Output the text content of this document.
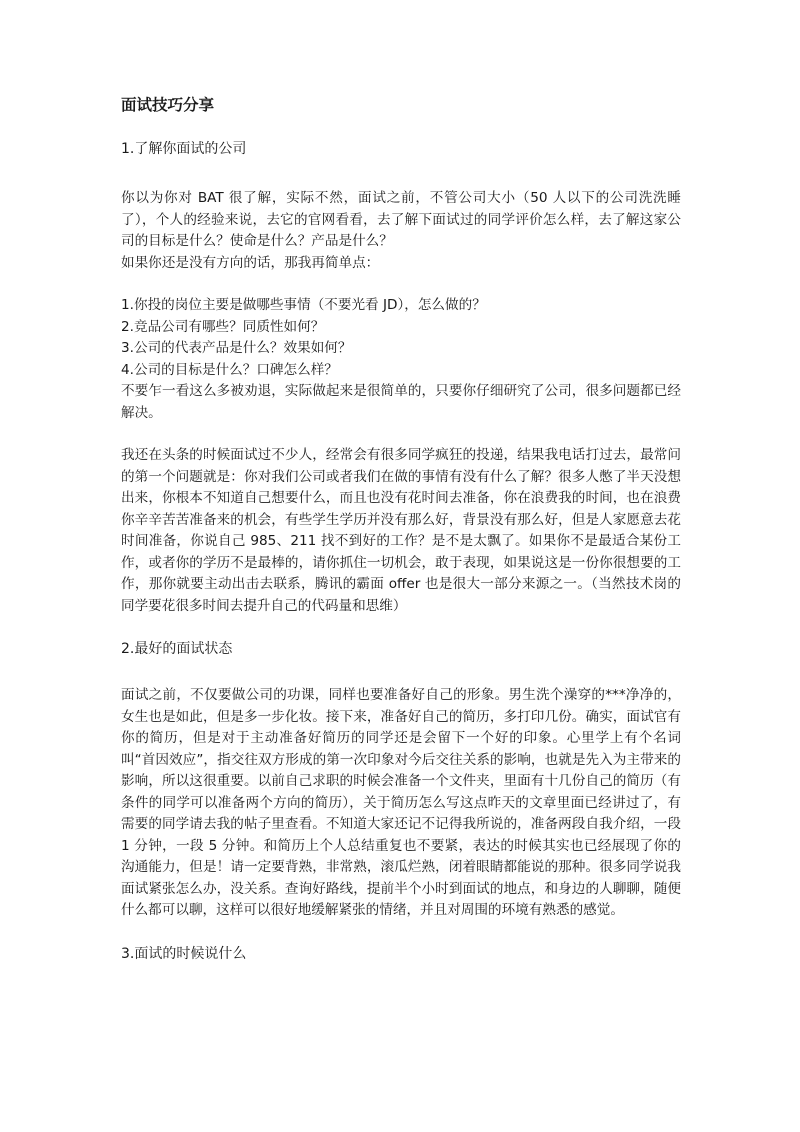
面试技巧分享

1.了解你面试的公司

你以为你对 BAT 很了解，实际不然，面试之前，不管公司大小（50 人以下的公司洗洗睡了），个人的经验来说，去它的官网看看，去了解下面试过的同学评价怎么样，去了解这家公司的目标是什么？使命是什么？产品是什么？

如果你还是没有方向的话，那我再简单点：

1.你投的岗位主要是做哪些事情（不要光看 JD），怎么做的？

2.竞品公司有哪些？同质性如何？

3.公司的代表产品是什么？效果如何？

4.公司的目标是什么？口碑怎么样？

不要乍一看这么多被劝退，实际做起来是很简单的，只要你仔细研究了公司，很多问题都已经解决。

我还在头条的时候面试过不少人，经常会有很多同学疯狂的投递，结果我电话打过去，最常问的第一个问题就是：你对我们公司或者我们在做的事情有没有什么了解？很多人憋了半天没想出来，你根本不知道自己想要什么，而且也没有花时间去准备，你在浪费我的时间，也在浪费你辛辛苦苦准备来的机会，有些学生学历并没有那么好，背景没有那么好，但是人家愿意去花时间准备，你说自己 985、211 找不到好的工作？是不是太飘了。如果你不是最适合某份工作，或者你的学历不是最棒的，请你抓住一切机会，敢于表现，如果说这是一份你很想要的工作，那你就要主动出击去联系，腾讯的霸面 offer 也是很大一部分来源之一。（当然技术岗的同学要花很多时间去提升自己的代码量和思维）

2.最好的面试状态

面试之前，不仅要做公司的功课，同样也要准备好自己的形象。男生洗个澡穿的***净净的，女生也是如此，但是多一步化妆。接下来，准备好自己的简历，多打印几份。确实，面试官有你的简历，但是对于主动准备好简历的同学还是会留下一个好的印象。心里学上有个名词叫“首因效应”，指交往双方形成的第一次印象对今后交往关系的影响，也就是先入为主带来的影响，所以这很重要。以前自己求职的时候会准备一个文件夹，里面有十几份自己的简历（有条件的同学可以准备两个方向的简历），关于简历怎么写这点昨天的文章里面已经讲过了，有需要的同学请去我的帖子里查看。不知道大家还记不记得我所说的，准备两段自我介绍，一段 1 分钟，一段 5 分钟。和简历上个人总结重复也不要紧，表达的时候其实也已经展现了你的沟通能力，但是！请一定要背熟，非常熟，滚瓜烂熟，闭着眼睛都能说的那种。很多同学说我面试紧张怎么办，没关系。查询好路线，提前半个小时到面试的地点，和身边的人聊聊，随便什么都可以聊，这样可以很好地缓解紧张的情绪，并且对周围的环境有熟悉的感觉。

3.面试的时候说什么
